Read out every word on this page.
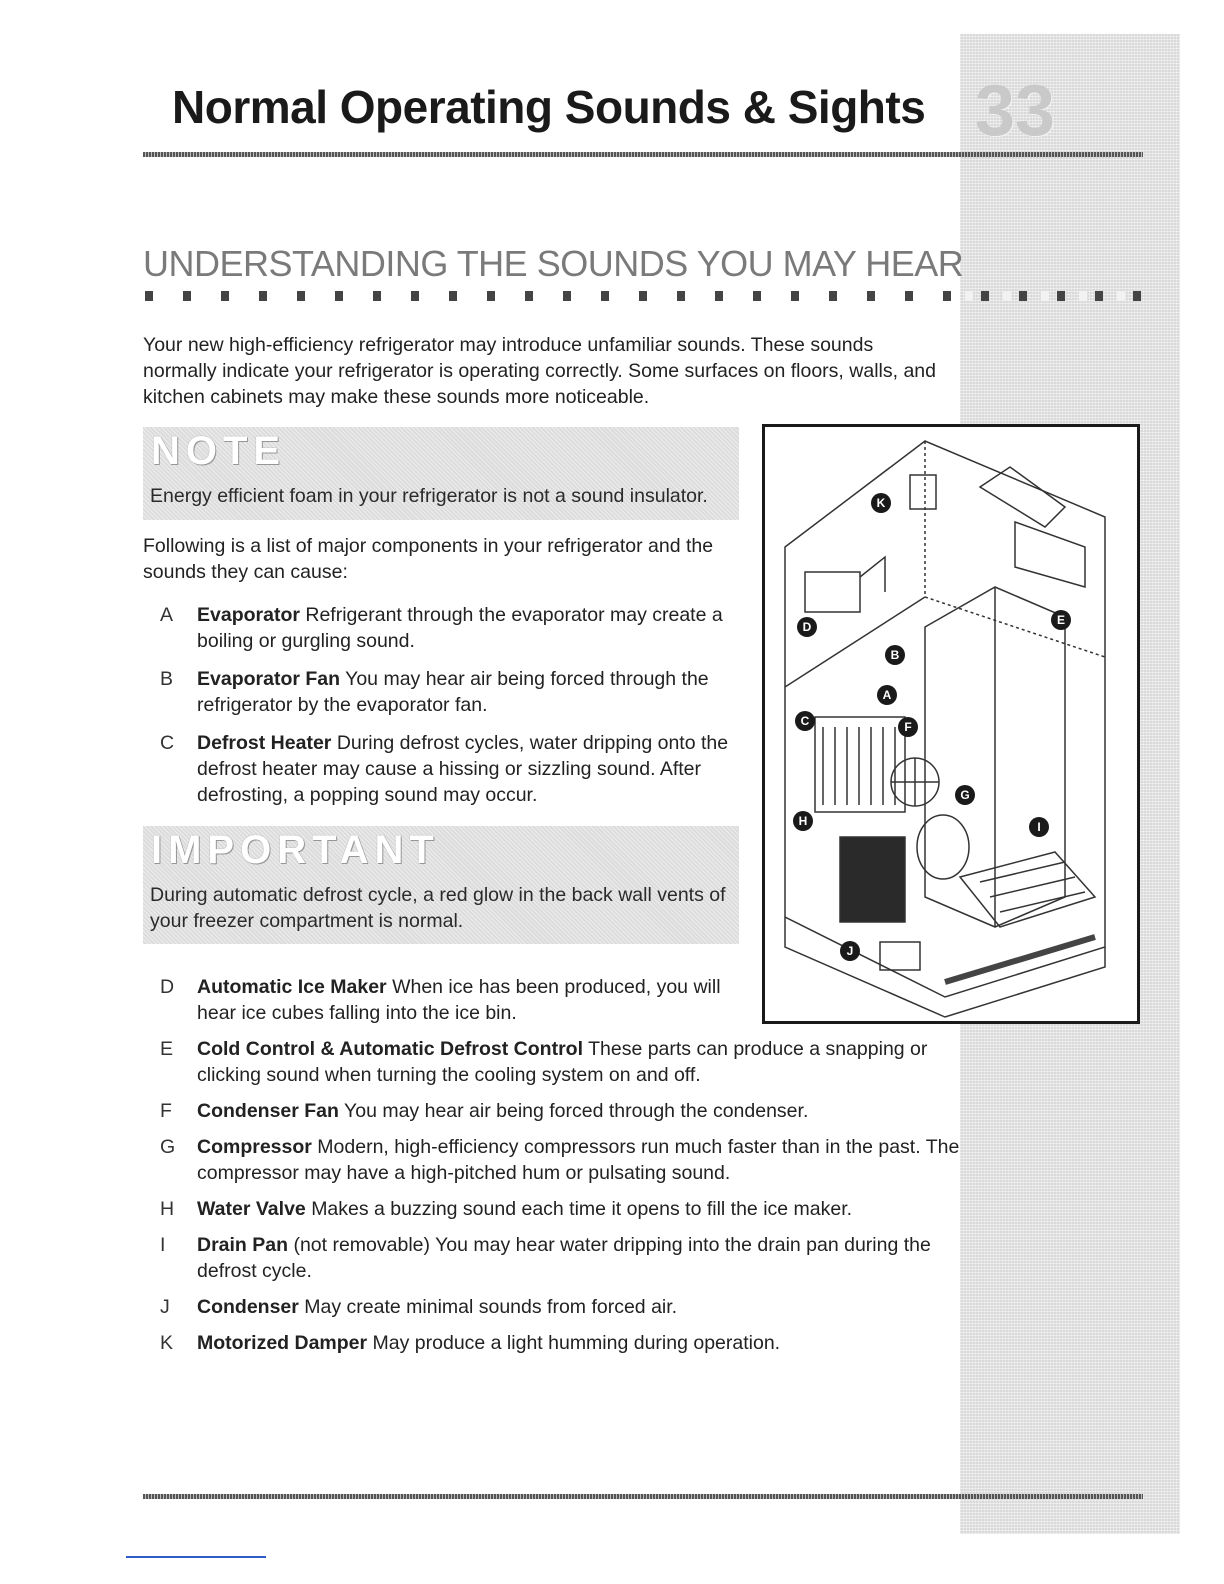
Normal Operating Sounds & Sights 33
UNDERSTANDING THE SOUNDS YOU MAY HEAR

Your new high-efficiency refrigerator may introduce unfamiliar sounds. These sounds normally indicate your refrigerator is operating correctly. Some surfaces on floors, walls, and kitchen cabinets may make these sounds more noticeable.

NOTE

Energy efficient foam in your refrigerator is not a sound insulator.

Following is a list of major components in your refrigerator and the sounds they can cause:

A	Evaporator Refrigerant through the evaporator may create a boiling or gurgling sound.
B	Evaporator Fan You may hear air being forced through the refrigerator by the evaporator fan.
C	Defrost Heater During defrost cycles, water dripping onto the defrost heater may cause a hissing or sizzling sound. After defrosting, a popping sound may occur.
IMPORTANT

During automatic defrost cycle, a red glow in the back wall vents of your freezer compartment is normal.

D	Automatic Ice Maker When ice has been produced, you will hear ice cubes falling into the ice bin.
E	Cold Control & Automatic Defrost Control These parts can produce a snapping or clicking sound when turning the cooling system on and off.
F	Condenser Fan You may hear air being forced through the condenser.
G Compressor Modern, high-efficiency compressors run much faster than in the past. The compressor may have a high-pitched hum or pulsating sound.
H	Water Valve Makes a buzzing sound each time it opens to fill the ice maker.
I	Drain Pan (not removable) You may hear water dripping into the drain pan during the defrost cycle.
J	Condenser May create minimal sounds from forced air.
K	Motorized Damper May produce a light humming during operation.
K
D	E
B
A
C	F
G
H	I
J
